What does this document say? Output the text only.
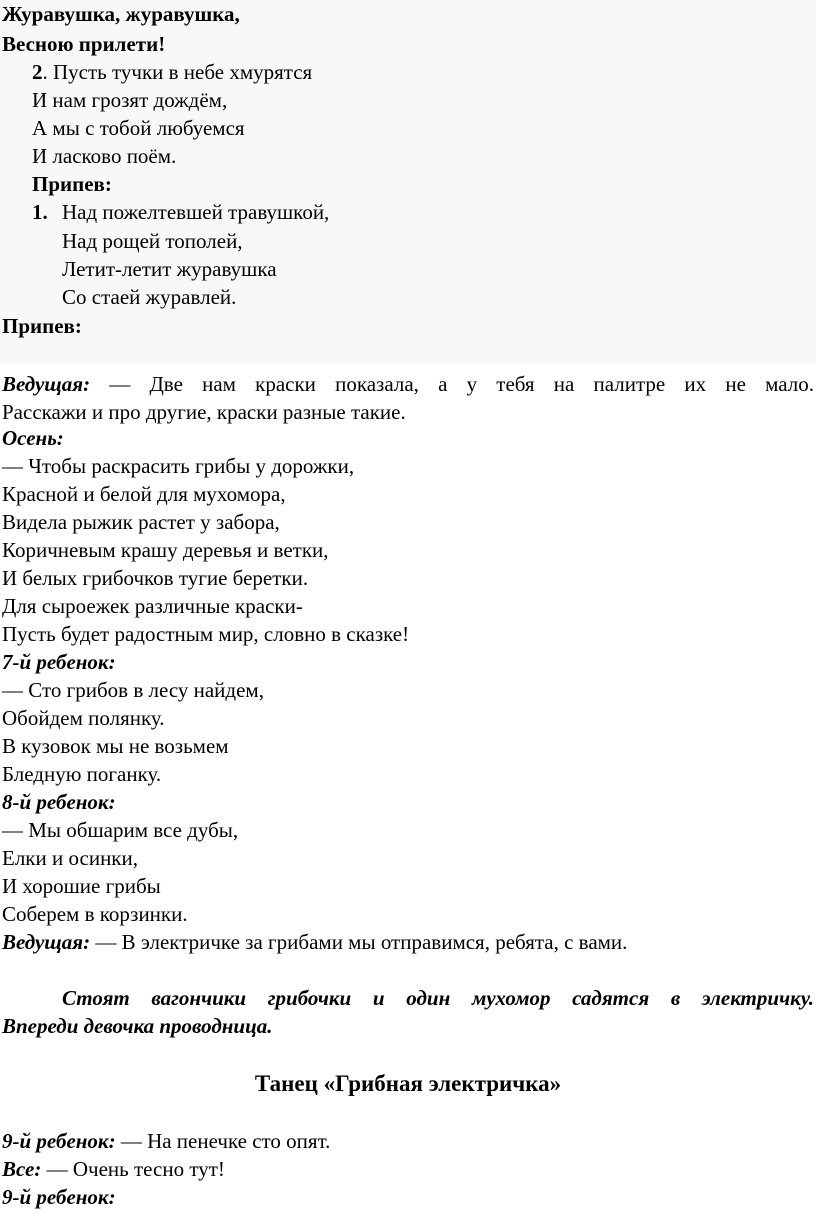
Журавушка, журавушка,
Весною прилети!
2. Пусть тучки в небе хмурятся
И нам грозят дождём,
А мы с тобой любуемся
И ласково поём.
Припев:
1. Над пожелтевшей травушкой,
Над рощей тополей,
Летит-летит журавушка
Со стаей журавлей.
Припев:
Ведущая: — Две нам краски показала, а у тебя на палитре их не мало.
Расскажи и про другие, краски разные такие.
Осень:
— Чтобы раскрасить грибы у дорожки,
Красной и белой для мухомора,
Видела рыжик растет у забора,
Коричневым крашу деревья и ветки,
И белых грибочков тугие беретки.
Для сыроежек различные краски-
Пусть будет радостным мир, словно в сказке!
7-й ребенок:
— Сто грибов в лесу найдем,
Обойдем полянку.
В кузовок мы не возьмем
Бледную поганку.
8-й ребенок:
— Мы обшарим все дубы,
Елки и осинки,
И хорошие грибы
Соберем в корзинки.
Ведущая: — В электричке за грибами мы отправимся, ребята, с вами.
Стоят вагончики грибочки и один мухомор садятся в электричку.
Впереди девочка проводница.
Танец «Грибная электричка»
9-й ребенок: — На пенечке сто опят.
Все: — Очень тесно тут!
9-й ребенок:
